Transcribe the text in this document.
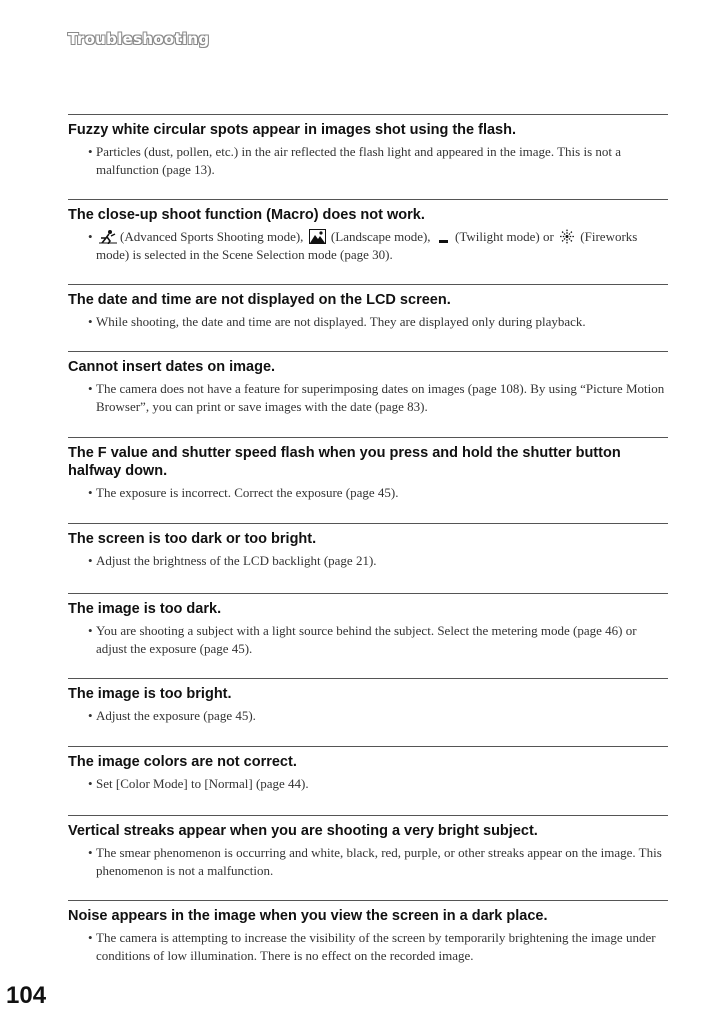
Troubleshooting
Fuzzy white circular spots appear in images shot using the flash.
• Particles (dust, pollen, etc.) in the air reflected the flash light and appeared in the image. This is not a malfunction (page 13).
The close-up shoot function (Macro) does not work.
•	(Advanced Sports Shooting mode), (Landscape mode), (Twilight mode) or (Fireworks mode) is selected in the Scene Selection mode (page 30).
The date and time are not displayed on the LCD screen.
• While shooting, the date and time are not displayed. They are displayed only during playback.
Cannot insert dates on image.
• The camera does not have a feature for superimposing dates on images (page 108). By using “Picture Motion Browser”, you can print or save images with the date (page 83).
The F value and shutter speed flash when you press and hold the shutter button halfway down.
• The exposure is incorrect. Correct the exposure (page 45).
The screen is too dark or too bright.
• Adjust the brightness of the LCD backlight (page 21).
The image is too dark.
• You are shooting a subject with a light source behind the subject. Select the metering mode (page 46) or adjust the exposure (page 45).
The image is too bright.
• Adjust the exposure (page 45).
The image colors are not correct.
• Set [Color Mode] to [Normal] (page 44).
Vertical streaks appear when you are shooting a very bright subject.
• The smear phenomenon is occurring and white, black, red, purple, or other streaks appear on the image. This phenomenon is not a malfunction.
Noise appears in the image when you view the screen in a dark place.
• The camera is attempting to increase the visibility of the screen by temporarily brightening the image under conditions of low illumination. There is no effect on the recorded image.
104
